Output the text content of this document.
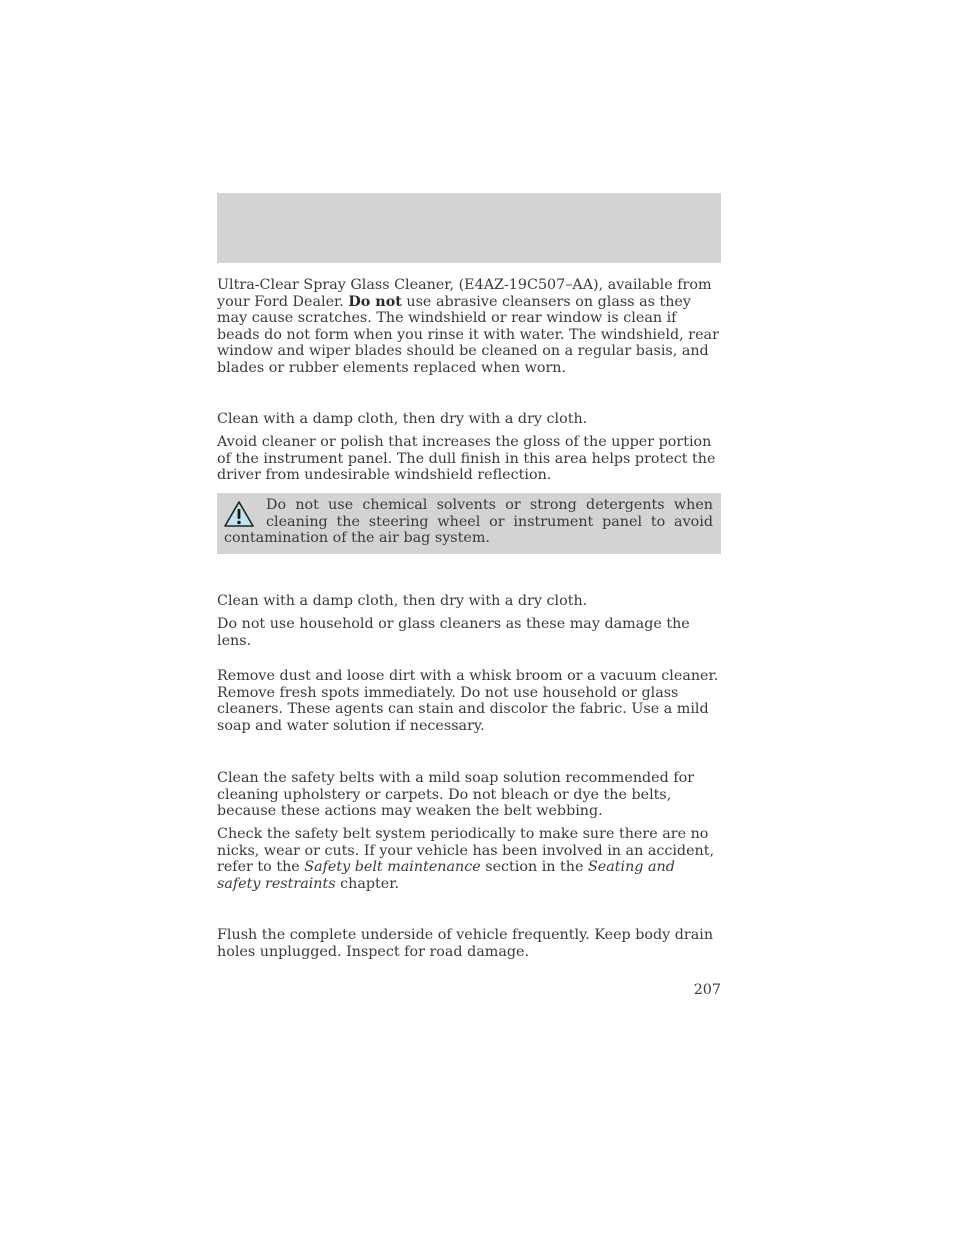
Ultra-Clear Spray Glass Cleaner, (E4AZ-19C507–AA), available from your Ford Dealer. Do not use abrasive cleansers on glass as they may cause scratches. The windshield or rear window is clean if beads do not form when you rinse it with water. The windshield, rear window and wiper blades should be cleaned on a regular basis, and blades or rubber elements replaced when worn.

Clean with a damp cloth, then dry with a dry cloth.

Avoid cleaner or polish that increases the gloss of the upper portion of the instrument panel. The dull finish in this area helps protect the driver from undesirable windshield reflection.

Do not use chemical solvents or strong detergents when cleaning the steering wheel or instrument panel to avoid contamination of the air bag system.

Clean with a damp cloth, then dry with a dry cloth.

Do not use household or glass cleaners as these may damage the lens.

Remove dust and loose dirt with a whisk broom or a vacuum cleaner. Remove fresh spots immediately. Do not use household or glass cleaners. These agents can stain and discolor the fabric. Use a mild soap and water solution if necessary.

Clean the safety belts with a mild soap solution recommended for cleaning upholstery or carpets. Do not bleach or dye the belts, because these actions may weaken the belt webbing.

Check the safety belt system periodically to make sure there are no nicks, wear or cuts. If your vehicle has been involved in an accident, refer to the Safety belt maintenance section in the Seating and safety restraints chapter.

Flush the complete underside of vehicle frequently. Keep body drain holes unplugged. Inspect for road damage.

207
